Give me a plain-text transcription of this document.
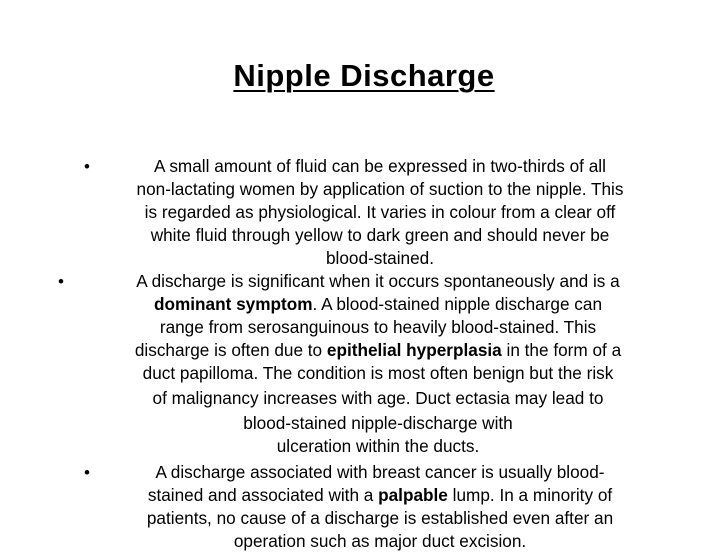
Nipple Discharge
•	A small amount of fluid can be expressed in two-thirds of all
non-lactating women by application of suction to the nipple. This
is regarded as physiological. It varies in colour from a clear off
white fluid through yellow to dark green and should never be
blood-stained.
•	A discharge is significant when it occurs spontaneously and is a
dominant symptom. A blood-stained nipple discharge can
range from serosanguinous to heavily blood-stained. This
discharge is often due to epithelial hyperplasia in the form of a
duct papilloma. The condition is most often benign but the risk
of malignancy increases with age. Duct ectasia may lead to
blood-stained nipple-discharge with
ulceration within the ducts.
•	A discharge associated with breast cancer is usually blood-
stained and associated with a palpable lump. In a minority of
patients, no cause of a discharge is established even after an
operation such as major duct excision.
